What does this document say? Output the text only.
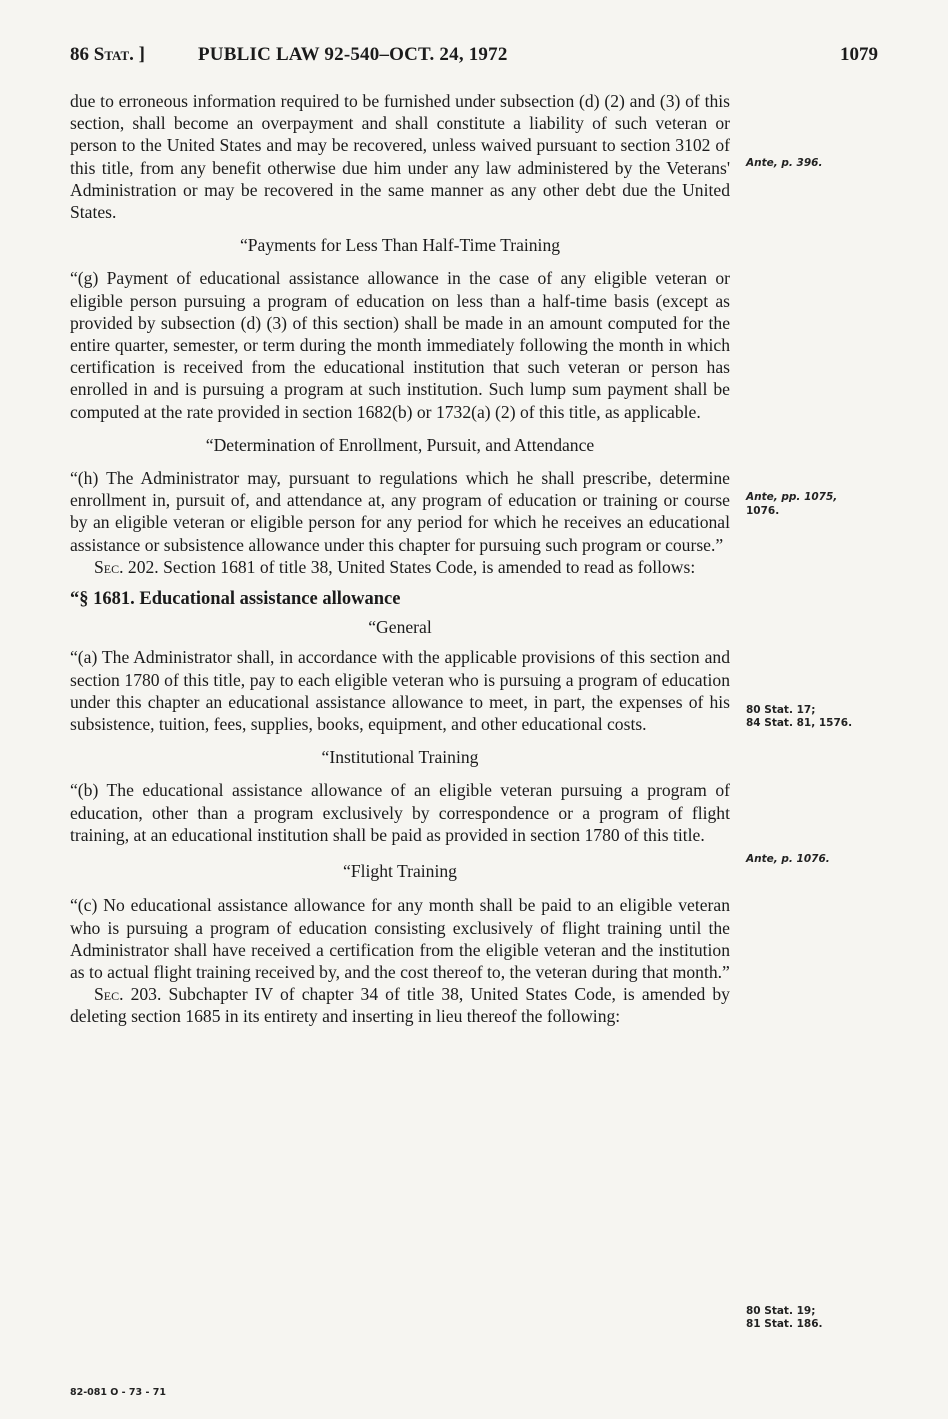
86 Stat. ]	PUBLIC LAW 92-540–OCT. 24, 1972	1079

due to erroneous information required to be furnished under subsection (d) (2) and (3) of this section, shall become an overpayment and shall constitute a liability of such veteran or person to the United States and may be recovered, unless waived pursuant to section 3102 of this title, from any benefit otherwise due him under any law administered by the Veterans' Administration or may be recovered in the same manner as any other debt due the United States.

“Payments for Less Than Half-Time Training

“(g) Payment of educational assistance allowance in the case of any eligible veteran or eligible person pursuing a program of education on less than a half-time basis (except as provided by subsection (d) (3) of this section) shall be made in an amount computed for the entire quarter, semester, or term during the month immediately following the month in which certification is received from the educational institution that such veteran or person has enrolled in and is pursuing a program at such institution. Such lump sum payment shall be computed at the rate provided in section 1682(b) or 1732(a) (2) of this title, as applicable.

“Determination of Enrollment, Pursuit, and Attendance

“(h) The Administrator may, pursuant to regulations which he shall prescribe, determine enrollment in, pursuit of, and attendance at, any program of education or training or course by an eligible veteran or eligible person for any period for which he receives an educational assistance or subsistence allowance under this chapter for pursuing such program or course.”

Sec. 202. Section 1681 of title 38, United States Code, is amended to read as follows:

“§ 1681. Educational assistance allowance

“General

“(a) The Administrator shall, in accordance with the applicable provisions of this section and section 1780 of this title, pay to each eligible veteran who is pursuing a program of education under this chapter an educational assistance allowance to meet, in part, the expenses of his subsistence, tuition, fees, supplies, books, equipment, and other educational costs.

“Institutional Training

“(b) The educational assistance allowance of an eligible veteran pursuing a program of education, other than a program exclusively by correspondence or a program of flight training, at an educational institution shall be paid as provided in section 1780 of this title.

“Flight Training

“(c) No educational assistance allowance for any month shall be paid to an eligible veteran who is pursuing a program of education consisting exclusively of flight training until the Administrator shall have received a certification from the eligible veteran and the institution as to actual flight training received by, and the cost thereof to, the veteran during that month.”

Sec. 203. Subchapter IV of chapter 34 of title 38, United States Code, is amended by deleting section 1685 in its entirety and inserting in lieu thereof the following:

Ante, p. 396.
Ante, pp. 1075,
1076.
80 Stat. 17;
84 Stat. 81, 1576.
Ante, p. 1076.
80 Stat. 19;
81 Stat. 186.
82-081 O - 73 - 71
